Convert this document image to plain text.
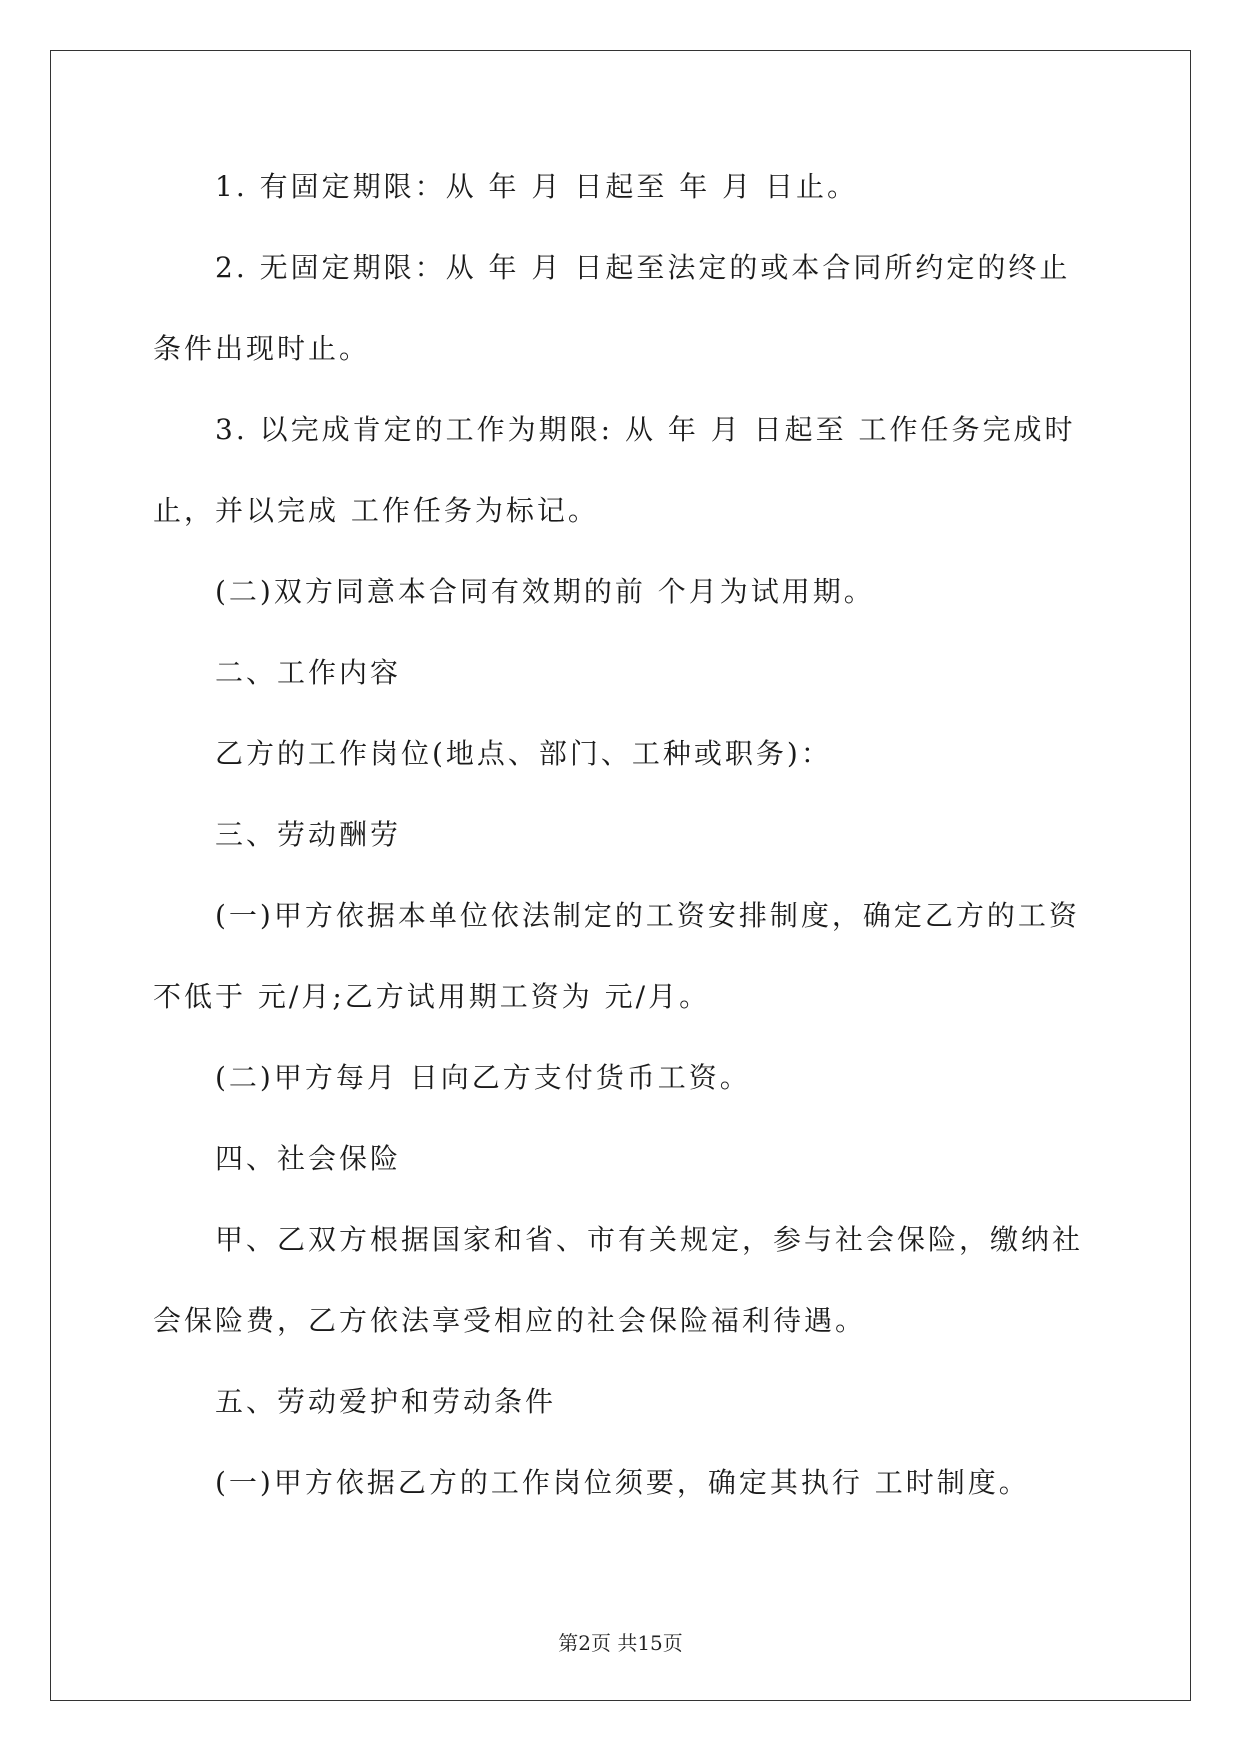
1. 有固定期限：从 年 月 日起至 年 月 日止。

2. 无固定期限：从 年 月 日起至法定的或本合同所约定的终止
条件出现时止。

3. 以完成肯定的工作为期限: 从 年 月 日起至 工作任务完成时
止，并以完成 工作任务为标记。

(二)双方同意本合同有效期的前 个月为试用期。

二、工作内容

乙方的工作岗位(地点、部门、工种或职务)：

三、劳动酬劳

(一)甲方依据本单位依法制定的工资安排制度，确定乙方的工资
不低于 元/月;乙方试用期工资为 元/月。

(二)甲方每月 日向乙方支付货币工资。

四、社会保险

甲、乙双方根据国家和省、市有关规定，参与社会保险，缴纳社
会保险费，乙方依法享受相应的社会保险福利待遇。

五、劳动爱护和劳动条件

(一)甲方依据乙方的工作岗位须要，确定其执行 工时制度。

第2页 共15页
